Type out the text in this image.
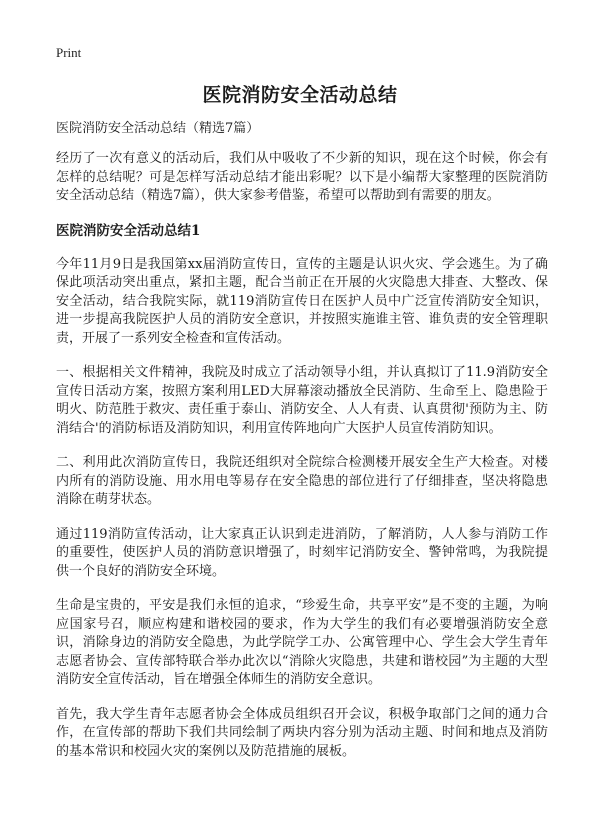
Print
医院消防安全活动总结

医院消防安全活动总结（精选7篇）

经历了一次有意义的活动后，我们从中吸收了不少新的知识，现在这个时候，你会有怎样的总结呢？可是怎样写活动总结才能出彩呢？以下是小编帮大家整理的医院消防安全活动总结（精选7篇），供大家参考借鉴，希望可以帮助到有需要的朋友。

医院消防安全活动总结1

今年11月9日是我国第xx届消防宣传日，宣传的主题是认识火灾、学会逃生。为了确保此项活动突出重点，紧扣主题，配合当前正在开展的火灾隐患大排查、大整改、保安全活动，结合我院实际，就119消防宣传日在医护人员中广泛宣传消防安全知识，进一步提高我院医护人员的消防安全意识，并按照实施谁主管、谁负责的安全管理职责，开展了一系列安全检查和宣传活动。

一、根据相关文件精神，我院及时成立了活动领导小组，并认真拟订了11.9消防安全宣传日活动方案，按照方案利用LED大屏幕滚动播放全民消防、生命至上、隐患险于明火、防范胜于救灾、责任重于泰山、消防安全、人人有责、认真贯彻'预防为主、防消结合'的消防标语及消防知识，利用宣传阵地向广大医护人员宣传消防知识。

二、利用此次消防宣传日，我院还组织对全院综合检测楼开展安全生产大检查。对楼内所有的消防设施、用水用电等易存在安全隐患的部位进行了仔细排查，坚决将隐患消除在萌芽状态。

通过119消防宣传活动，让大家真正认识到走进消防，了解消防，人人参与消防工作的重要性，使医护人员的消防意识增强了，时刻牢记消防安全、警钟常鸣，为我院提供一个良好的消防安全环境。

生命是宝贵的，平安是我们永恒的追求，“珍爱生命，共享平安”是不变的主题，为响应国家号召，顺应构建和谐校园的要求，作为大学生的我们有必要增强消防安全意识，消除身边的消防安全隐患，为此学院学工办、公寓管理中心、学生会大学生青年志愿者协会、宣传部特联合举办此次以“消除火灾隐患，共建和谐校园”为主题的大型消防安全宣传活动，旨在增强全体师生的消防安全意识。

首先，我大学生青年志愿者协会全体成员组织召开会议，积极争取部门之间的通力合作，在宣传部的帮助下我们共同绘制了两块内容分别为活动主题、时间和地点及消防的基本常识和校园火灾的案例以及防范措施的展板。
